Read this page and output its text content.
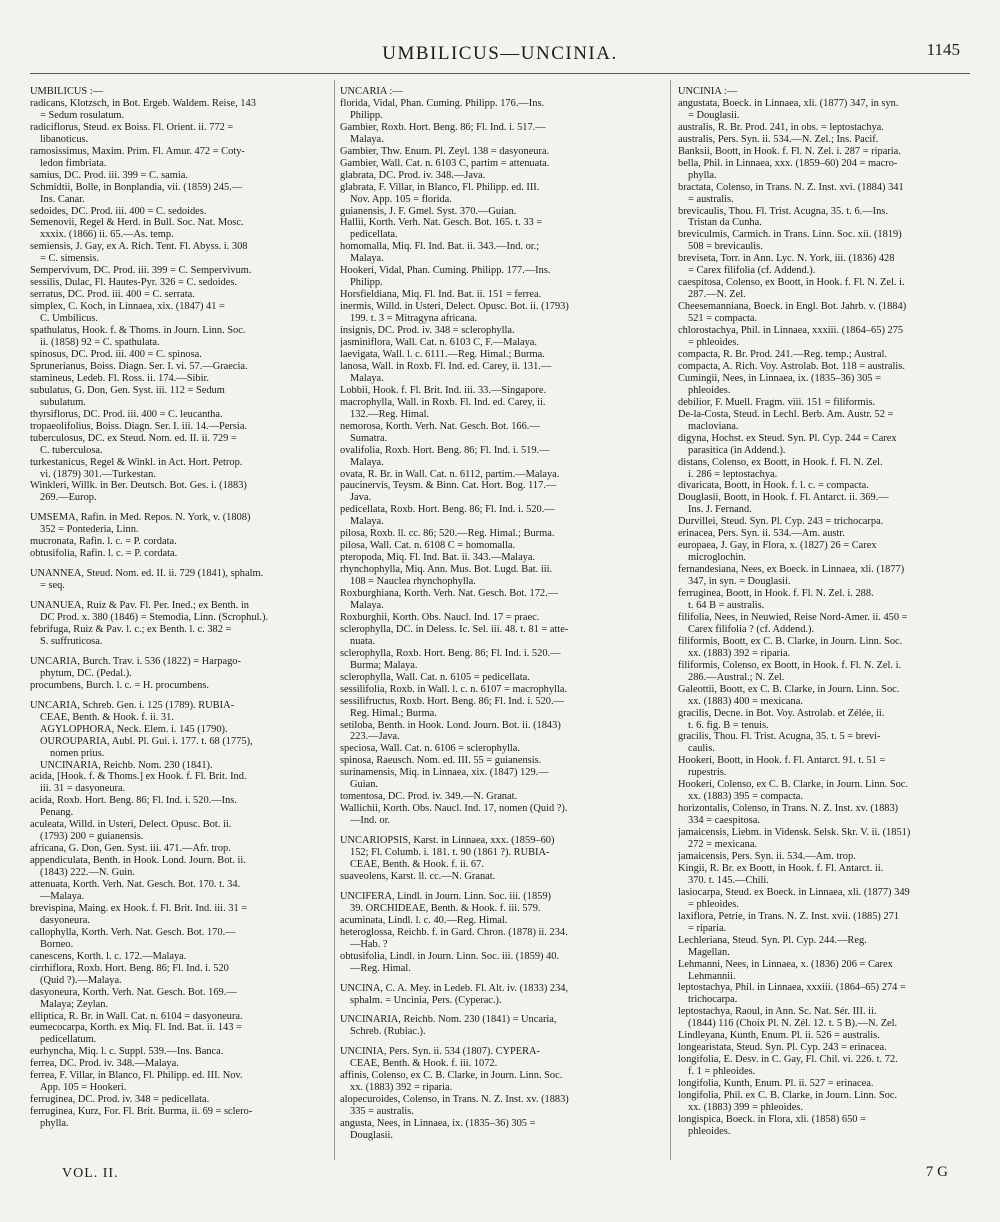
UMBILICUS—UNCINIA.	1145
UMBILICUS :—
radicans, Klotzsch, in Bot. Ergeb. Waldem. Reise, 143
= Sedum rosulatum.
radiciflorus, Steud. ex Boiss. Fl. Orient. ii. 772 =
libanoticus.
ramosissimus, Maxim. Prim. Fl. Amur. 472 = Coty-
ledon fimbriata.
samius, DC. Prod. iii. 399 = C. samia.
Schmidtii, Bolle, in Bonplandia, vii. (1859) 245.—
Ins. Canar.
sedoides, DC. Prod. iii. 400 = C. sedoides.
Semenovii, Regel & Herd. in Bull. Soc. Nat. Mosc.
xxxix. (1866) ii. 65.—As. temp.
semiensis, J. Gay, ex A. Rich. Tent. Fl. Abyss. i. 308
= C. simensis.
Sempervivum, DC. Prod. iii. 399 = C. Sempervivum.
sessilis, Dulac, Fl. Hautes-Pyr. 326 = C. sedoides.
serratus, DC. Prod. iii. 400 = C. serrata.
simplex, C. Koch, in Linnaea, xix. (1847) 41 =
C. Umbilicus.
spathulatus, Hook. f. & Thoms. in Journ. Linn. Soc.
ii. (1858) 92 = C. spathulata.
spinosus, DC. Prod. iii. 400 = C. spinosa.
Sprunerianus, Boiss. Diagn. Ser. I. vi. 57.—Graecia.
stamineus, Ledeb. Fl. Ross. ii. 174.—Sibir.
subulatus, G. Don, Gen. Syst. iii. 112 = Sedum
subulatum.
thyrsiflorus, DC. Prod. iii. 400 = C. leucantha.
tropaeolifolius, Boiss. Diagn. Ser. I. iii. 14.—Persia.
tuberculosus, DC. ex Steud. Nom. ed. II. ii. 729 =
C. tuberculosa.
turkestanicus, Regel & Winkl. in Act. Hort. Petrop.
vi. (1879) 301.—Turkestan.
Winkleri, Willk. in Ber. Deutsch. Bot. Ges. i. (1883)
269.—Europ.
UMSEMA, Rafin. in Med. Repos. N. York, v. (1808)
352 = Pontederia, Linn.
mucronata, Rafin. l. c. = P. cordata.
obtusifolia, Rafin. l. c. = P. cordata.
UNANNEA, Steud. Nom. ed. II. ii. 729 (1841), sphalm.
= seq.
UNANUEA, Ruiz & Pav. Fl. Per. Ined.; ex Benth. in
DC Prod. x. 380 (1846) = Stemodia, Linn. (Scrophul.).
febrifuga, Ruiz & Pav. l. c.; ex Benth. l. c. 382 =
S. suffruticosa.
UNCARIA, Burch. Trav. i. 536 (1822) = Harpago-
phytum, DC. (Pedal.).
procumbens, Burch. l. c. = H. procumbens.
UNCARIA, Schreb. Gen. i. 125 (1789). RUBIA-
CEAE, Benth. & Hook. f. ii. 31.
AGYLOPHORA, Neck. Elem. i. 145 (1790).
OUROUPARIA, Aubl. Pl. Gui. i. 177. t. 68 (1775),
nomen prius.
UNCINARIA, Reichb. Nom. 230 (1841).
acida, [Hook. f. & Thoms.] ex Hook. f. Fl. Brit. Ind.
iii. 31 = dasyoneura.
acida, Roxb. Hort. Beng. 86; Fl. Ind. i. 520.—Ins.
Penang.
aculeata, Willd. in Usteri, Delect. Opusc. Bot. ii.
(1793) 200 = guianensis.
africana, G. Don, Gen. Syst. iii. 471.—Afr. trop.
appendiculata, Benth. in Hook. Lond. Journ. Bot. ii.
(1843) 222.—N. Guin.
attenuata, Korth. Verh. Nat. Gesch. Bot. 170. t. 34.
—Malaya.
brevispina, Maing. ex Hook. f. Fl. Brit. Ind. iii. 31 =
dasyoneura.
callophylla, Korth. Verh. Nat. Gesch. Bot. 170.—
Borneo.
canescens, Korth. l. c. 172.—Malaya.
cirrhiflora, Roxb. Hort. Beng. 86; Fl. Ind. i. 520
(Quid ?).—Malaya.
dasyoneura, Korth. Verh. Nat. Gesch. Bot. 169.—
Malaya; Zeylan.
elliptica, R. Br. in Wall. Cat. n. 6104 = dasyoneura.
eumecocarpa, Korth. ex Miq. Fl. Ind. Bat. ii. 143 =
pedicellatum.
eurhyncha, Miq. l. c. Suppl. 539.—Ins. Banca.
ferrea, DC. Prod. iv. 348.—Malaya.
ferrea, F. Villar, in Blanco, Fl. Philipp. ed. III. Nov.
App. 105 = Hookeri.
ferruginea, DC. Prod. iv. 348 = pedicellata.
ferruginea, Kurz, For. Fl. Brit. Burma, ii. 69 = sclero-
phylla.
UNCARIA :—
florida, Vidal, Phan. Cuming. Philipp. 176.—Ins.
Philipp.
Gambier, Roxb. Hort. Beng. 86; Fl. Ind. i. 517.—
Malaya.
Gambier, Thw. Enum. Pl. Zeyl. 138 = dasyoneura.
Gambier, Wall. Cat. n. 6103 C, partim = attenuata.
glabrata, DC. Prod. iv. 348.—Java.
glabrata, F. Villar, in Blanco, Fl. Philipp. ed. III.
Nov. App. 105 = florida.
guianensis, J. F. Gmel. Syst. 370.—Guian.
Hallii, Korth. Verh. Nat. Gesch. Bot. 165. t. 33 =
pedicellata.
homomalla, Miq. Fl. Ind. Bat. ii. 343.—Ind. or.;
Malaya.
Hookeri, Vidal, Phan. Cuming. Philipp. 177.—Ins.
Philipp.
Horsfieldiana, Miq. Fl. Ind. Bat. ii. 151 = ferrea.
inermis, Willd. in Usteri, Delect. Opusc. Bot. ii. (1793)
199. t. 3 = Mitragyna africana.
insignis, DC. Prod. iv. 348 = sclerophylla.
jasminiflora, Wall. Cat. n. 6103 C, F.—Malaya.
laevigata, Wall. l. c. 6111.—Reg. Himal.; Burma.
lanosa, Wall. in Roxb. Fl. Ind. ed. Carey, ii. 131.—
Malaya.
Lobbii, Hook. f. Fl. Brit. Ind. iii. 33.—Singapore.
macrophylla, Wall. in Roxb. Fl. Ind. ed. Carey, ii.
132.—Reg. Himal.
nemorosa, Korth. Verh. Nat. Gesch. Bot. 166.—
Sumatra.
ovalifolia, Roxb. Hort. Beng. 86; Fl. Ind. i. 519.—
Malaya.
ovata, R. Br. in Wall. Cat. n. 6112, partim.—Malaya.
paucinervis, Teysm. & Binn. Cat. Hort. Bog. 117.—
Java.
pedicellata, Roxb. Hort. Beng. 86; Fl. Ind. i. 520.—
Malaya.
pilosa, Roxb. ll. cc. 86; 520.—Reg. Himal.; Burma.
pilosa, Wall. Cat. n. 6108 C = homomalla.
pteropoda, Miq. Fl. Ind. Bat. ii. 343.—Malaya.
rhynchophylla, Miq. Ann. Mus. Bot. Lugd. Bat. iii.
108 = Nauclea rhynchophylla.
Roxburghiana, Korth. Verh. Nat. Gesch. Bot. 172.—
Malaya.
Roxburghii, Korth. Obs. Naucl. Ind. 17 = praec.
sclerophylla, DC. in Deless. Ic. Sel. iii. 48. t. 81 = atte-
nuata.
sclerophylla, Roxb. Hort. Beng. 86; Fl. Ind. i. 520.—
Burma; Malaya.
sclerophylla, Wall. Cat. n. 6105 = pedicellata.
sessilifolia, Roxb. in Wall. l. c. n. 6107 = macrophylla.
sessilifructus, Roxb. Hort. Beng. 86; Fl. Ind. i. 520.—
Reg. Himal.; Burma.
setiloba, Benth. in Hook. Lond. Journ. Bot. ii. (1843)
223.—Java.
speciosa, Wall. Cat. n. 6106 = sclerophylla.
spinosa, Raeusch. Nom. ed. III. 55 = guianensis.
surinamensis, Miq. in Linnaea, xix. (1847) 129.—
Guian.
tomentosa, DC. Prod. iv. 349.—N. Granat.
Wallichii, Korth. Obs. Naucl. Ind. 17, nomen (Quid ?).
—Ind. or.
UNCARIOPSIS, Karst. in Linnaea, xxx. (1859–60)
152; Fl. Columb. i. 181. t. 90 (1861 ?). RUBIA-
CEAE, Benth. & Hook. f. ii. 67.
suaveolens, Karst. ll. cc.—N. Granat.
UNCIFERA, Lindl. in Journ. Linn. Soc. iii. (1859)
39. ORCHIDEAE, Benth. & Hook. f. iii. 579.
acuminata, Lindl. l. c. 40.—Reg. Himal.
heteroglossa, Reichb. f. in Gard. Chron. (1878) ii. 234.
—Hab. ?
obtusifolia, Lindl. in Journ. Linn. Soc. iii. (1859) 40.
—Reg. Himal.
UNCINA, C. A. Mey. in Ledeb. Fl. Alt. iv. (1833) 234,
sphalm. = Uncinia, Pers. (Cyperac.).
UNCINARIA, Reichb. Nom. 230 (1841) = Uncaria,
Schreb. (Rubiac.).
UNCINIA, Pers. Syn. ii. 534 (1807). CYPERA-
CEAE, Benth. & Hook. f. iii. 1072.
affinis, Colenso, ex C. B. Clarke, in Journ. Linn. Soc.
xx. (1883) 392 = riparia.
alopecuroides, Colenso, in Trans. N. Z. Inst. xv. (1883)
335 = australis.
angusta, Nees, in Linnaea, ix. (1835–36) 305 =
Douglasii.
UNCINIA :—
angustata, Boeck. in Linnaea, xli. (1877) 347, in syn.
= Douglasii.
australis, R. Br. Prod. 241, in obs. = leptostachya.
australis, Pers. Syn. ii. 534.—N. Zel.; Ins. Pacif.
Banksii, Boott, in Hook. f. Fl. N. Zel. i. 287 = riparia.
bella, Phil. in Linnaea, xxx. (1859–60) 204 = macro-
phylla.
bractata, Colenso, in Trans. N. Z. Inst. xvi. (1884) 341
= australis.
brevicaulis, Thou. Fl. Trist. Acugna, 35. t. 6.—Ins.
Tristan da Cunha.
breviculmis, Carmich. in Trans. Linn. Soc. xii. (1819)
508 = brevicaulis.
breviseta, Torr. in Ann. Lyc. N. York, iii. (1836) 428
= Carex filifolia (cf. Addend.).
caespitosa, Colenso, ex Boott, in Hook. f. Fl. N. Zel. i.
287.—N. Zel.
Cheesemanniana, Boeck. in Engl. Bot. Jahrb. v. (1884)
521 = compacta.
chlorostachya, Phil. in Linnaea, xxxiii. (1864–65) 275
= phleoides.
compacta, R. Br. Prod. 241.—Reg. temp.; Austral.
compacta, A. Rich. Voy. Astrolab. Bot. 118 = australis.
Cumingii, Nees, in Linnaea, ix. (1835–36) 305 =
phleoides.
debilior, F. Muell. Fragm. viii. 151 = filiformis.
De-la-Costa, Steud. in Lechl. Berb. Am. Austr. 52 =
macloviana.
digyna, Hochst. ex Steud. Syn. Pl. Cyp. 244 = Carex
parasitica (in Addend.).
distans, Colenso, ex Boott, in Hook. f. Fl. N. Zel.
i. 286 = leptostachya.
divaricata, Boott, in Hook. f. l. c. = compacta.
Douglasii, Boott, in Hook. f. Fl. Antarct. ii. 369.—
Ins. J. Fernand.
Durvillei, Steud. Syn. Pl. Cyp. 243 = trichocarpa.
erinacea, Pers. Syn. ii. 534.—Am. austr.
europaea, J. Gay, in Flora, x. (1827) 26 = Carex
microglochin.
fernandesiana, Nees, ex Boeck. in Linnaea, xli. (1877)
347, in syn. = Douglasii.
ferruginea, Boott, in Hook. f. Fl. N. Zel. i. 288.
t. 64 B = australis.
filifolia, Nees, in Neuwied, Reise Nord-Amer. ii. 450 =
Carex filifolia ? (cf. Addend.).
filiformis, Boott, ex C. B. Clarke, in Journ. Linn. Soc.
xx. (1883) 392 = riparia.
filiformis, Colenso, ex Boott, in Hook. f. Fl. N. Zel. i.
286.—Austral.; N. Zel.
Galeottii, Boott, ex C. B. Clarke, in Journ. Linn. Soc.
xx. (1883) 400 = mexicana.
gracilis, Decne. in Bot. Voy. Astrolab. et Zélée, ii.
t. 6. fig. B = tenuis.
gracilis, Thou. Fl. Trist. Acugna, 35. t. 5 = brevi-
caulis.
Hookeri, Boott, in Hook. f. Fl. Antarct. 91. t. 51 =
rupestris.
Hookeri, Colenso, ex C. B. Clarke, in Journ. Linn. Soc.
xx. (1883) 395 = compacta.
horizontalis, Colenso, in Trans. N. Z. Inst. xv. (1883)
334 = caespitosa.
jamaicensis, Liebm. in Vidensk. Selsk. Skr. V. ii. (1851)
272 = mexicana.
jamaicensis, Pers. Syn. ii. 534.—Am. trop.
Kingii, R. Br. ex Boott, in Hook. f. Fl. Antarct. ii.
370. t. 145.—Chili.
lasiocarpa, Steud. ex Boeck. in Linnaea, xli. (1877) 349
= phleoides.
laxiflora, Petrie, in Trans. N. Z. Inst. xvii. (1885) 271
= riparia.
Lechleriana, Steud. Syn. Pl. Cyp. 244.—Reg.
Magellan.
Lehmanni, Nees, in Linnaea, x. (1836) 206 = Carex
Lehmannii.
leptostachya, Phil. in Linnaea, xxxiii. (1864–65) 274 =
trichocarpa.
leptostachya, Raoul, in Ann. Sc. Nat. Sér. III. ii.
(1844) 116 (Choix Pl. N. Zél. 12. t. 5 B).—N. Zel.
Lindleyana, Kunth, Enum. Pl. ii. 526 = australis.
longearistata, Steud. Syn. Pl. Cyp. 243 = erinacea.
longifolia, E. Desv. in C. Gay, Fl. Chil. vi. 226. t. 72.
f. 1 = phleoides.
longifolia, Kunth, Enum. Pl. ii. 527 = erinacea.
longifolia, Phil. ex C. B. Clarke, in Journ. Linn. Soc.
xx. (1883) 399 = phleoides.
longispica, Boeck. in Flora, xli. (1858) 650 =
phleoides.
VOL. II.	7 G
